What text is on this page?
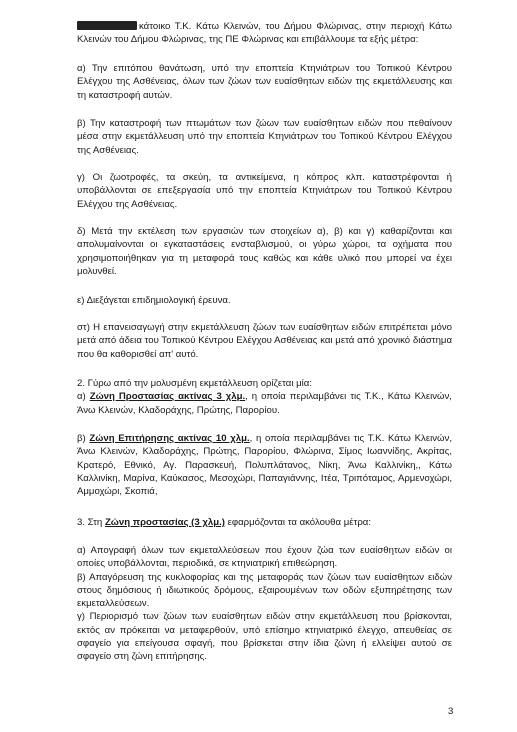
κάτοικο Τ.Κ. Κάτω Κλεινών, του Δήμου Φλώρινας, στην περιοχή Κάτω Κλεινών του Δήμου Φλώρινας, της ΠΕ Φλώρινας και επιβάλλουμε τα εξής μέτρα:

α) Την επιτόπου θανάτωση, υπό την εποπτεία Κτηνιάτρων του Τοπικού Κέντρου Ελέγχου της Ασθένειας, όλων των ζώων των ευαίσθητων ειδών της εκμετάλλευσης και τη καταστροφή αυτών.

β) Την καταστροφή των πτωμάτων των ζώων των ευαίσθητων ειδών που πεθαίνουν μέσα στην εκμετάλλευση υπό την εποπτεία Κτηνιάτρων του Τοπικού Κέντρου Ελέγχου της Ασθένειας.

γ) Οι ζωοτροφές, τα σκεύη, τα αντικείμενα, η κόπρος κλπ. καταστρέφονται ή υποβάλλονται σε επεξεργασία υπό την εποπτεία Κτηνιάτρων του Τοπικού Κέντρου Ελέγχου της Ασθένειας.

δ) Μετά την εκτέλεση των εργασιών των στοιχείων α), β) και γ) καθαρίζονται και απολυμαίνονται οι εγκαταστάσεις ενσταβλισμού, οι γύρω χώροι, τα οχήματα που χρησιμοποιήθηκαν για τη μεταφορά τους καθώς και κάθε υλικό που μπορεί να έχει μολυνθεί.

ε) Διεξάγεται επιδημιολογική έρευνα.

στ) Η επανεισαγωγή στην εκμετάλλευση ζώων των ευαίσθητων ειδών επιτρέπεται μόνο μετά από άδεια του Τοπικού Κέντρου Ελέγχου Ασθένειας και μετά από χρονικό διάστημα που θα καθορισθεί απ' αυτό.

2. Γύρω από την μολυσμένη εκμετάλλευση ορίζεται μία:

α) Ζώνη Προστασίας ακτίνας 3 χλμ., η οποία περιλαμβάνει τις Τ.Κ., Κάτω Κλεινών, Άνω Κλεινών, Κλαδοράχης, Πρώτης, Παρορίου.

β) Ζώνη Επιτήρησης ακτίνας 10 χλμ., η οποία περιλαμβάνει τις Τ.Κ. Κάτω Κλεινών, Άνω Κλεινών, Κλαδοράχης, Πρώτης, Παρορίου, Φλώρινα, Σίμος Ιωαννίδης, Ακρίτας, Κρατερό, Εθνικό, Αγ. Παρασκευή, Πολυπλάτανος, Νίκη, Άνω Καλλινίκη,, Κάτω Καλλινίκη, Μαρίνα, Καύκασος, Μεσοχώρι, Παπαγιάννης, Ιτέα, Τριπόταμος, Αρμενοχώρι, Αμμοχώρι, Σκοπιά,

3. Στη Ζώνη προστασίας (3 χλμ.) εφαρμόζονται τα ακόλουθα μέτρα:

α) Απογραφή όλων των εκμεταλλεύσεων που έχουν ζώα των ευαίσθητων ειδών οι οποίες υποβάλλονται, περιοδικά, σε κτηνιατρική επιθεώρηση.

β) Απαγόρευση της κυκλοφορίας και της μεταφοράς των ζώων των ευαίσθητων ειδών στους δημόσιους ή ιδιωτικούς δρόμους, εξαιρουμένων των οδών εξυπηρέτησης των εκμεταλλεύσεων.

γ) Περιορισμό των ζώων των ευαίσθητων ειδών στην εκμετάλλευση που βρίσκονται, εκτός αν πρόκειται να μεταφερθούν, υπό επίσημο κτηνιατρικό έλεγχο, απευθείας σε σφαγείο για επείγουσα σφαγή, που βρίσκεται στην ίδια ζώνη ή ελλείψει αυτού σε σφαγείο στη ζώνη επιτήρησης.

3
